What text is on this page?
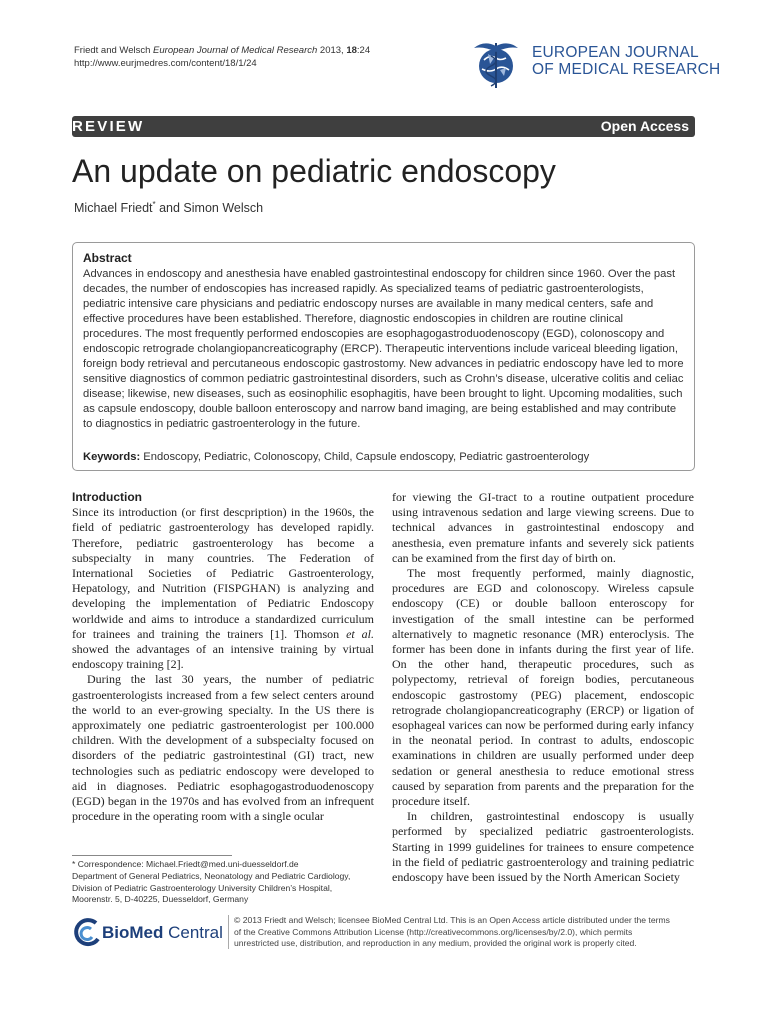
Friedt and Welsch European Journal of Medical Research 2013, 18:24
http://www.eurjmedres.com/content/18/1/24
EUROPEAN JOURNAL
OF MEDICAL RESEARCH
REVIEW	Open Access
An update on pediatric endoscopy
Michael Friedt* and Simon Welsch
Abstract

Advances in endoscopy and anesthesia have enabled gastrointestinal endoscopy for children since 1960. Over the past decades, the number of endoscopies has increased rapidly. As specialized teams of pediatric gastroenterologists, pediatric intensive care physicians and pediatric endoscopy nurses are available in many medical centers, safe and effective procedures have been established. Therefore, diagnostic endoscopies in children are routine clinical procedures. The most frequently performed endoscopies are esophagogastroduodenoscopy (EGD), colonoscopy and endoscopic retrograde cholangiopancreaticography (ERCP). Therapeutic interventions include variceal bleeding ligation, foreign body retrieval and percutaneous endoscopic gastrostomy. New advances in pediatric endoscopy have led to more sensitive diagnostics of common pediatric gastrointestinal disorders, such as Crohn’s disease, ulcerative colitis and celiac disease; likewise, new diseases, such as eosinophilic esophagitis, have been brought to light. Upcoming modalities, such as capsule endoscopy, double balloon enteroscopy and narrow band imaging, are being established and may contribute to diagnostics in pediatric gastroenterology in the future.

Keywords: Endoscopy, Pediatric, Colonoscopy, Child, Capsule endoscopy, Pediatric gastroenterology
Introduction

Since its introduction (or first descpription) in the 1960s, the field of pediatric gastroenterology has developed rapidly. Therefore, pediatric gastroenterology has become a subspecialty in many countries. The Federation of International Societies of Pediatric Gastroenterology, Hepatology, and Nutrition (FISPGHAN) is analyzing and developing the implementation of Pediatric Endoscopy worldwide and aims to introduce a standardized curriculum for trainees and training the trainers [1]. Thomson et al. showed the advantages of an intensive training by virtual endoscopy training [2].

During the last 30 years, the number of pediatric gastroenterologists increased from a few select centers around the world to an ever-growing specialty. In the US there is approximately one pediatric gastroenterologist per 100.000 children. With the development of a subspecialty focused on disorders of the pediatric gastrointestinal (GI) tract, new technologies such as pediatric endoscopy were developed to aid in diagnoses. Pediatric esophagogastroduodenoscopy (EGD) began in the 1970s and has evolved from an infrequent procedure in the operating room with a single ocular

for viewing the GI-tract to a routine outpatient procedure using intravenous sedation and large viewing screens. Due to technical advances in gastrointestinal endoscopy and anesthesia, even premature infants and severely sick patients can be examined from the first day of birth on.

The most frequently performed, mainly diagnostic, procedures are EGD and colonoscopy. Wireless capsule endoscopy (CE) or double balloon enteroscopy for investigation of the small intestine can be performed alternatively to magnetic resonance (MR) enteroclysis. The former has been done in infants during the first year of life. On the other hand, therapeutic procedures, such as polypectomy, retrieval of foreign bodies, percutaneous endoscopic gastrostomy (PEG) placement, endoscopic retrograde cholangiopancreaticography (ERCP) or ligation of esophageal varices can now be performed during early infancy in the neonatal period. In contrast to adults, endoscopic examinations in children are usually performed under deep sedation or general anesthesia to reduce emotional stress caused by separation from parents and the preparation for the procedure itself.

In children, gastrointestinal endoscopy is usually performed by specialized pediatric gastroenterologists. Starting in 1999 guidelines for trainees to ensure competence in the field of pediatric gastroenterology and training pediatric endoscopy have been issued by the North American Society

* Correspondence: Michael.Friedt@med.uni-duesseldorf.de
Department of General Pediatrics, Neonatology and Pediatric Cardiology,
Division of Pediatric Gastroenterology University Children’s Hospital,
Moorenstr. 5, D-40225, Duesseldorf, Germany
BioMed Central
© 2013 Friedt and Welsch; licensee BioMed Central Ltd. This is an Open Access article distributed under the terms of the Creative Commons Attribution License (http://creativecommons.org/licenses/by/2.0), which permits unrestricted use, distribution, and reproduction in any medium, provided the original work is properly cited.
